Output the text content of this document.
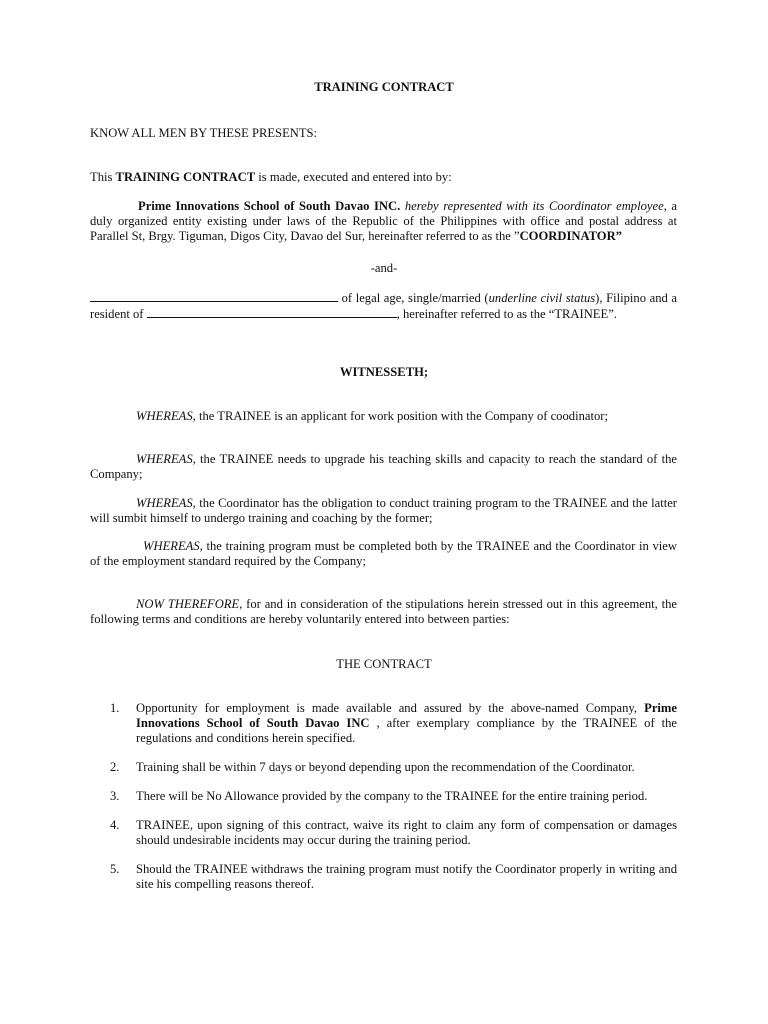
TRAINING CONTRACT
KNOW ALL MEN BY THESE PRESENTS:
This TRAINING CONTRACT is made, executed and entered into by:
Prime Innovations School of South Davao INC. hereby represented with its Coordinator employee, a duly organized entity existing under laws of the Republic of the Philippines with office and postal address at Parallel St, Brgy. Tiguman, Digos City, Davao del Sur, hereinafter referred to as the ”COORDINATOR”
-and-
of legal age, single/married (underline civil status), Filipino and a resident of	, hereinafter referred to as the “TRAINEE”.
WITNESSETH;
WHEREAS, the TRAINEE is an applicant for work position with the Company of coodinator;
WHEREAS, the TRAINEE needs to upgrade his teaching skills and capacity to reach the standard of the Company;
WHEREAS, the Coordinator has the obligation to conduct training program to the TRAINEE and the latter will sumbit himself to undergo training and coaching by the former;
WHEREAS, the training program must be completed both by the TRAINEE and the Coordinator in view of the employment standard required by the Company;
NOW THEREFORE, for and in consideration of the stipulations herein stressed out in this agreement, the following terms and conditions are hereby voluntarily entered into between parties:
THE CONTRACT
1. Opportunity for employment is made available and assured by the above-named Company, Prime Innovations School of South Davao INC , after exemplary compliance by the TRAINEE of the regulations and conditions herein specified.
2. Training shall be within 7 days or beyond depending upon the recommendation of the Coordinator.
3. There will be No Allowance provided by the company to the TRAINEE for the entire training period.
4. TRAINEE, upon signing of this contract, waive its right to claim any form of compensation or damages should undesirable incidents may occur during the training period.
5. Should the TRAINEE withdraws the training program must notify the Coordinator properly in writing and site his compelling reasons thereof.
